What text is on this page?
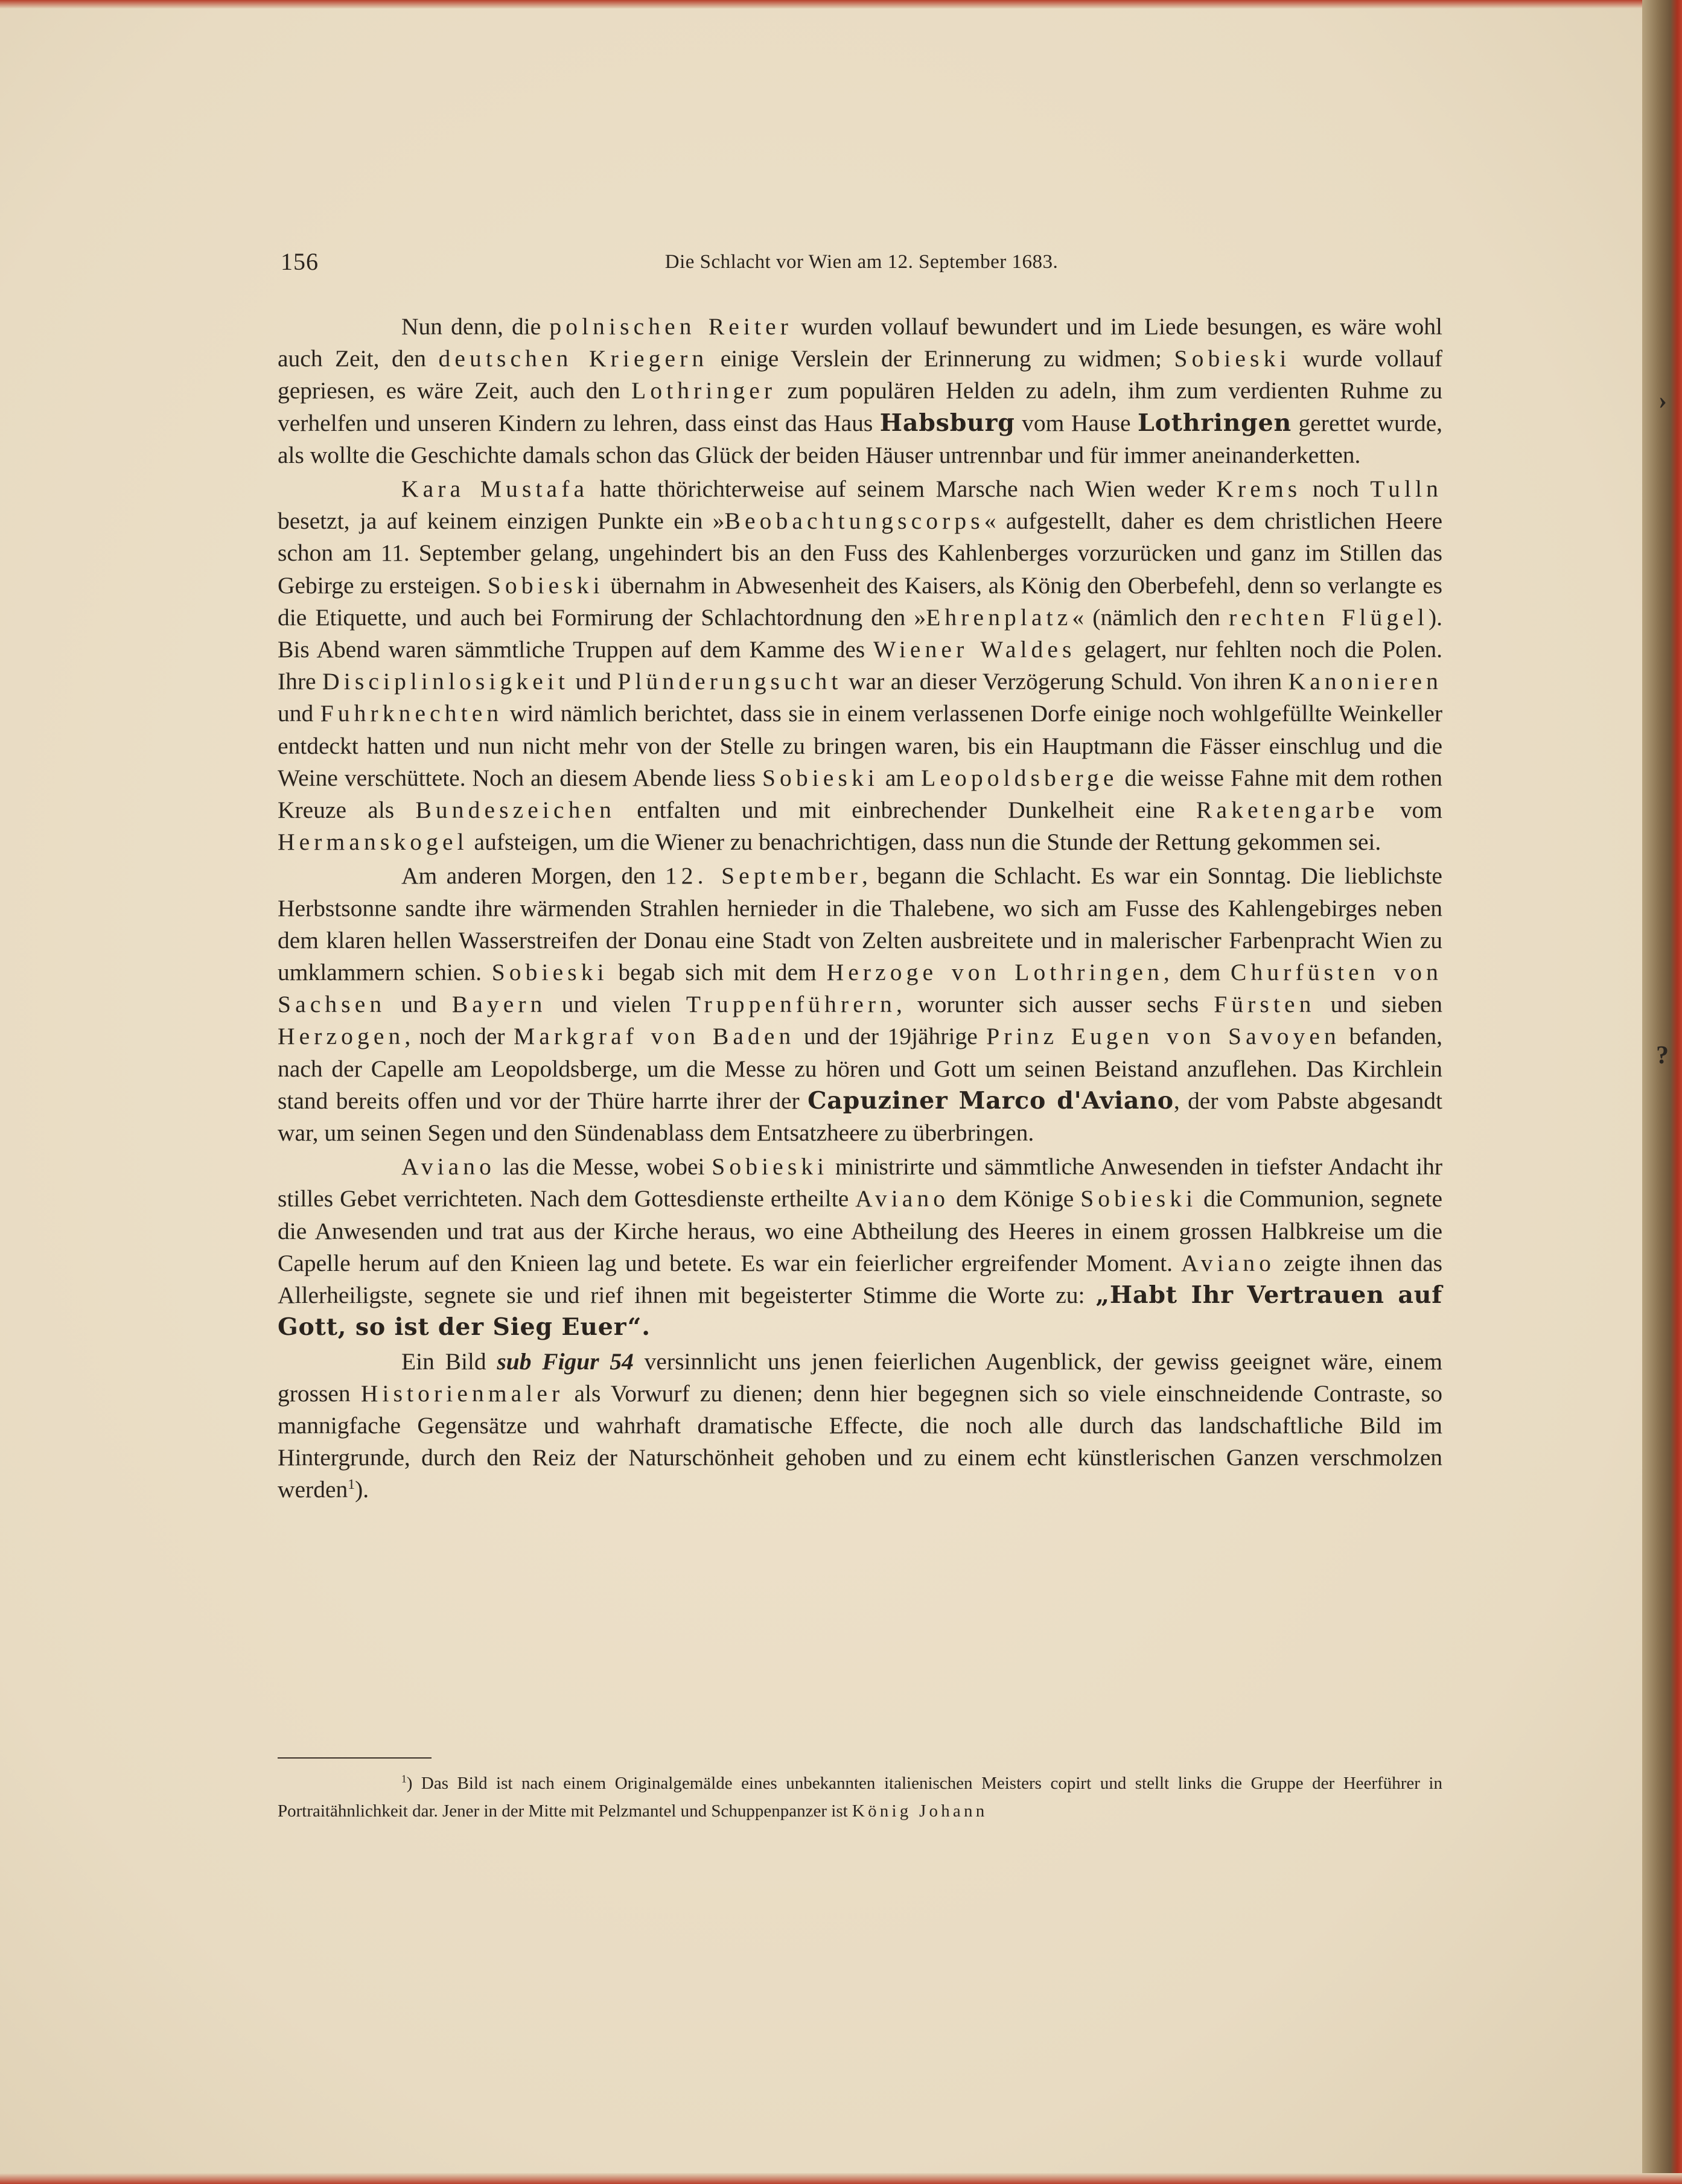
156	Die Schlacht vor Wien am 12. September 1683.

Nun denn, die polnischen Reiter wurden vollauf bewundert und im Liede besungen, es wäre wohl auch Zeit, den deutschen Kriegern einige Verslein der Erinnerung zu widmen; Sobieski wurde vollauf gepriesen, es wäre Zeit, auch den Lothringer zum populären Helden zu adeln, ihm zum verdienten Ruhme zu verhelfen und unseren Kindern zu lehren, dass einst das Haus Habsburg vom Hause Lothringen gerettet wurde, als wollte die Geschichte damals schon das Glück der beiden Häuser untrennbar und für immer aneinanderketten.

Kara Mustafa hatte thörichterweise auf seinem Marsche nach Wien weder Krems noch Tulln besetzt, ja auf keinem einzigen Punkte ein »Beobachtungscorps« aufgestellt, daher es dem christlichen Heere schon am 11. September gelang, ungehindert bis an den Fuss des Kahlenberges vorzurücken und ganz im Stillen das Gebirge zu ersteigen. Sobieski übernahm in Abwesenheit des Kaisers, als König den Oberbefehl, denn so verlangte es die Etiquette, und auch bei Formirung der Schlachtordnung den »Ehrenplatz« (nämlich den rechten Flügel). Bis Abend waren sämmtliche Truppen auf dem Kamme des Wiener Waldes gelagert, nur fehlten noch die Polen. Ihre Disciplinlosigkeit und Plünderungsucht war an dieser Verzögerung Schuld. Von ihren Kanonieren und Fuhrknechten wird nämlich berichtet, dass sie in einem verlassenen Dorfe einige noch wohlgefüllte Weinkeller entdeckt hatten und nun nicht mehr von der Stelle zu bringen waren, bis ein Hauptmann die Fässer einschlug und die Weine verschüttete. Noch an diesem Abende liess Sobieski am Leopoldsberge die weisse Fahne mit dem rothen Kreuze als Bundeszeichen entfalten und mit einbrechender Dunkelheit eine Raketengarbe vom Hermanskogel aufsteigen, um die Wiener zu benachrichtigen, dass nun die Stunde der Rettung gekommen sei.

Am anderen Morgen, den 12. September, begann die Schlacht. Es war ein Sonntag. Die lieblichste Herbstsonne sandte ihre wärmenden Strahlen hernieder in die Thalebene, wo sich am Fusse des Kahlengebirges neben dem klaren hellen Wasserstreifen der Donau eine Stadt von Zelten ausbreitete und in malerischer Farbenpracht Wien zu umklammern schien. Sobieski begab sich mit dem Herzoge von Lothringen, dem Churfüsten von Sachsen und Bayern und vielen Truppenführern, worunter sich ausser sechs Fürsten und sieben Herzogen, noch der Markgraf von Baden und der 19jährige Prinz Eugen von Savoyen befanden, nach der Capelle am Leopoldsberge, um die Messe zu hören und Gott um seinen Beistand anzuflehen. Das Kirchlein stand bereits offen und vor der Thüre harrte ihrer der Capuziner Marco d'Aviano, der vom Pabste abgesandt war, um seinen Segen und den Sündenablass dem Entsatzheere zu überbringen.

Aviano las die Messe, wobei Sobieski ministrirte und sämmtliche Anwesenden in tiefster Andacht ihr stilles Gebet verrichteten. Nach dem Gottesdienste ertheilte Aviano dem Könige Sobieski die Communion, segnete die Anwesenden und trat aus der Kirche heraus, wo eine Abtheilung des Heeres in einem grossen Halbkreise um die Capelle herum auf den Knieen lag und betete. Es war ein feierlicher ergreifender Moment. Aviano zeigte ihnen das Allerheiligste, segnete sie und rief ihnen mit begeisterter Stimme die Worte zu: „Habt Ihr Vertrauen auf Gott, so ist der Sieg Euer“.

Ein Bild sub Figur 54 versinnlicht uns jenen feierlichen Augenblick, der gewiss geeignet wäre, einem grossen Historienmaler als Vorwurf zu dienen; denn hier begegnen sich so viele einschneidende Contraste, so mannigfache Gegensätze und wahrhaft dramatische Effecte, die noch alle durch das landschaftliche Bild im Hintergrunde, durch den Reiz der Naturschönheit gehoben und zu einem echt künstlerischen Ganzen verschmolzen werden$^1$).

$^1$) Das Bild ist nach einem Originalgemälde eines unbekannten italienischen Meisters copirt und stellt links die Gruppe der Heerführer in Portraitähnlichkeit dar. Jener in der Mitte mit Pelzmantel und Schuppenpanzer ist König Johann

›
?
